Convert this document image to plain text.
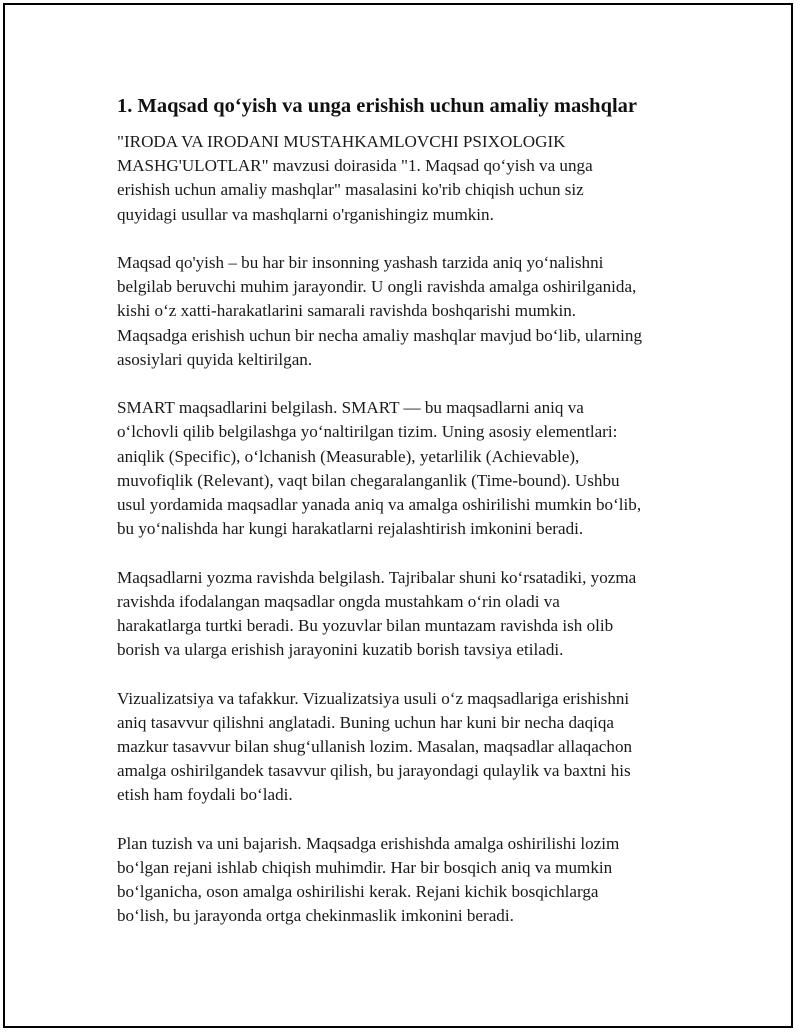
1. Maqsad qo‘yish va unga erishish uchun amaliy mashqlar
"IRODA VA IRODANI MUSTAHKAMLOVCHI PSIXOLOGIK
MASHG'ULOTLAR" mavzusi doirasida "1. Maqsad qo‘yish va unga
erishish uchun amaliy mashqlar" masalasini ko'rib chiqish uchun siz
quyidagi usullar va mashqlarni o'rganishingiz mumkin.
Maqsad qo'yish – bu har bir insonning yashash tarzida aniq yo‘nalishni
belgilab beruvchi muhim jarayondir. U ongli ravishda amalga oshirilganida,
kishi o‘z xatti-harakatlarini samarali ravishda boshqarishi mumkin.
Maqsadga erishish uchun bir necha amaliy mashqlar mavjud bo‘lib, ularning
asosiylari quyida keltirilgan.
SMART maqsadlarini belgilash. SMART — bu maqsadlarni aniq va
o‘lchovli qilib belgilashga yo‘naltirilgan tizim. Uning asosiy elementlari:
aniqlik (Specific), o‘lchanish (Measurable), yetarlilik (Achievable),
muvofiqlik (Relevant), vaqt bilan chegaralanganlik (Time-bound). Ushbu
usul yordamida maqsadlar yanada aniq va amalga oshirilishi mumkin bo‘lib,
bu yo‘nalishda har kungi harakatlarni rejalashtirish imkonini beradi.
Maqsadlarni yozma ravishda belgilash. Tajribalar shuni ko‘rsatadiki, yozma
ravishda ifodalangan maqsadlar ongda mustahkam o‘rin oladi va
harakatlarga turtki beradi. Bu yozuvlar bilan muntazam ravishda ish olib
borish va ularga erishish jarayonini kuzatib borish tavsiya etiladi.
Vizualizatsiya va tafakkur. Vizualizatsiya usuli o‘z maqsadlariga erishishni
aniq tasavvur qilishni anglatadi. Buning uchun har kuni bir necha daqiqa
mazkur tasavvur bilan shug‘ullanish lozim. Masalan, maqsadlar allaqachon
amalga oshirilgandek tasavvur qilish, bu jarayondagi qulaylik va baxtni his
etish ham foydali bo‘ladi.
Plan tuzish va uni bajarish. Maqsadga erishishda amalga oshirilishi lozim
bo‘lgan rejani ishlab chiqish muhimdir. Har bir bosqich aniq va mumkin
bo‘lganicha, oson amalga oshirilishi kerak. Rejani kichik bosqichlarga
bo‘lish, bu jarayonda ortga chekinmaslik imkonini beradi.
